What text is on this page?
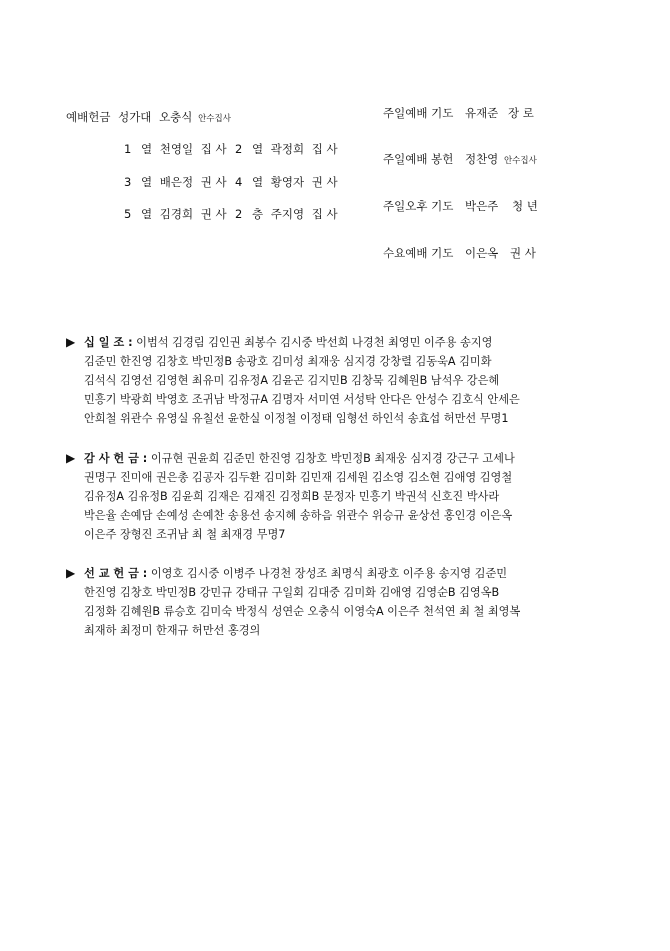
예배헌금 성가대 오충식 안수집사
1 열 천영일 집 사 2 열 곽정희 집 사
3 열 배은정 권 사 4 열 황영자 권 사
5 열 김경희 권 사 2 층 주지영 집 사
주일예배 기도 유재준 장 로
주일예배 봉헌 정찬영 안수집사
주일오후 기도 박은주 청 년
수요예배 기도 이은옥 권 사
▶ 십 일 조 : 이범석 김경림 김인권 최봉수 김시중 박선희 나경천 최영민 이주용 송지영 김준민 한진영 김창호 박민정B 송광호 김미성 최재웅 심지경 강창렬 김동욱A 김미화 김석식 김영선 김영현 최유미 김유정A 김윤곤 김지민B 김창묵 김혜원B 남석우 강은혜 민흥기 박광희 박영호 조귀남 박정규A 김명자 서미연 서성탁 안다은 안성수 김호식 안세은 안희철 위관수 유영실 유칠선 윤한실 이정철 이정태 임형선 하인석 송효섭 허만선 무명1
▶ 감 사 헌 금 : 이규현 권윤희 김준민 한진영 김창호 박민정B 최재웅 심지경 강근구 고세나 권명구 진미애 권은총 김공자 김두환 김미화 김민재 김세원 김소영 김소현 김애영 김영철 김유정A 김유정B 김윤희 김재은 김재진 김정희B 문정자 민흥기 박권석 신호진 박사라 박은율 손예담 손예성 손예찬 송용선 송지혜 송하음 위관수 위승규 윤상선 홍인경 이은옥 이은주 장형진 조귀남 최 철 최재경 무명7
▶ 선 교 헌 금 : 이영호 김시중 이병주 나경천 장성조 최명식 최광호 이주용 송지영 김준민 한진영 김창호 박민정B 강민규 강태규 구일회 김대중 김미화 김애영 김영순B 김영옥B 김정화 김혜원B 류승호 김미숙 박정식 성연순 오충식 이영숙A 이은주 천석연 최 철 최영복 최재하 최정미 한재규 허만선 홍경의
